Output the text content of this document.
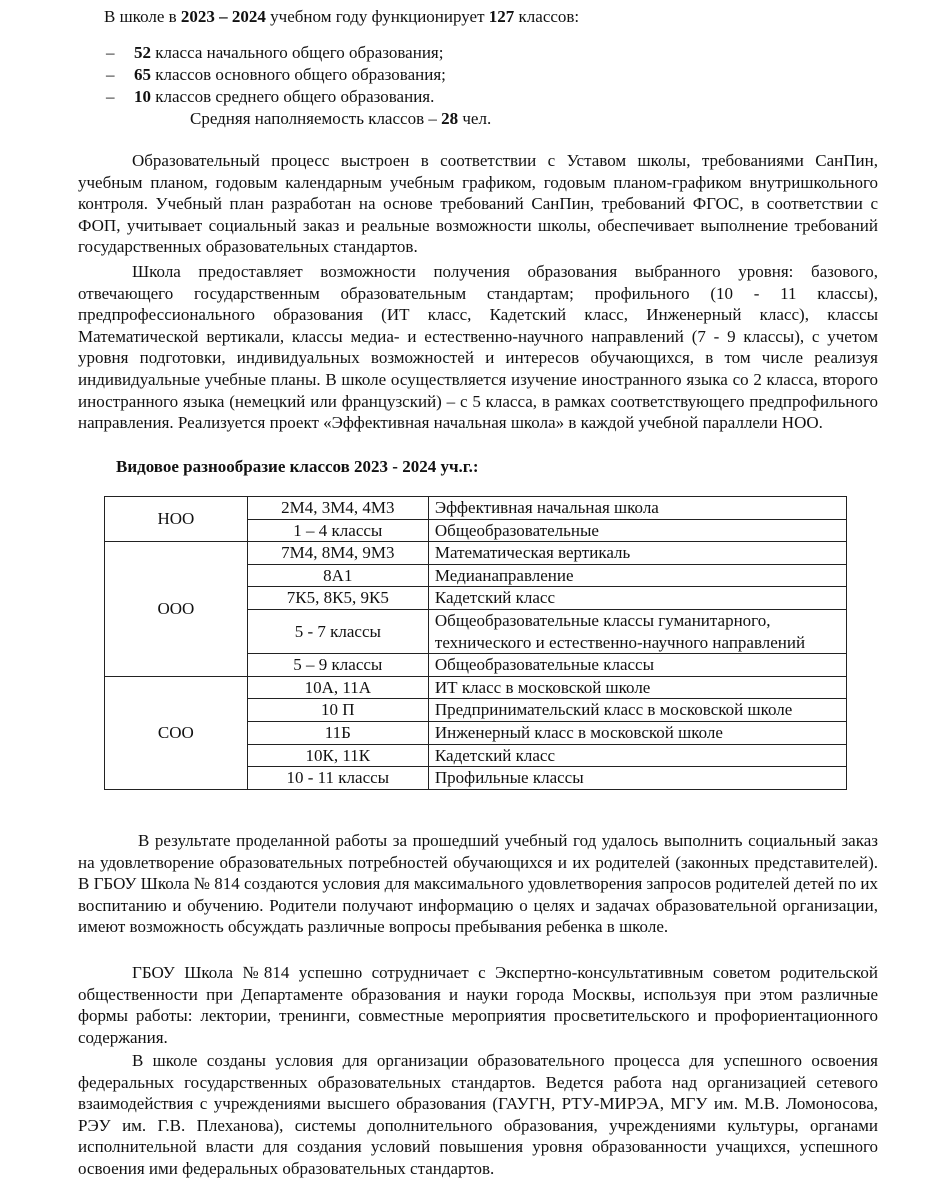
В школе в 2023 – 2024 учебном году функционирует 127 классов:
– 52 класса начального общего образования;
– 65 классов основного общего образования;
– 10 классов среднего общего образования.
Средняя наполняемость классов – 28 чел.
Образовательный процесс выстроен в соответствии с Уставом школы, требованиями СанПин, учебным планом, годовым календарным учебным графиком, годовым планом-графиком внутришкольного контроля. Учебный план разработан на основе требований СанПин, требований ФГОС, в соответствии с ФОП, учитывает социальный заказ и реальные возможности школы, обеспечивает выполнение требований государственных образовательных стандартов.
Школа предоставляет возможности получения образования выбранного уровня: базового, отвечающего государственным образовательным стандартам; профильного (10 - 11 классы), предпрофессионального образования (ИТ класс, Кадетский класс, Инженерный класс), классы Математической вертикали, классы медиа- и естественно-научного направлений (7 - 9 классы), с учетом уровня подготовки, индивидуальных возможностей и интересов обучающихся, в том числе реализуя индивидуальные учебные планы. В школе осуществляется изучение иностранного языка со 2 класса, второго иностранного языка (немецкий или французский) – с 5 класса, в рамках соответствующего предпрофильного направления. Реализуется проект «Эффективная начальная школа» в каждой учебной параллели НОО.
Видовое разнообразие классов 2023 - 2024 уч.г.:
НОО	2М4, 3М4, 4М3	Эффективная начальная школа
	1 – 4 классы	Общеобразовательные
ООО	7М4, 8М4, 9М3	Математическая вертикаль
	8А1	Медианаправление
	7К5, 8К5, 9К5	Кадетский класс
	5 - 7 классы	Общеобразовательные классы гуманитарного, технического и естественно-научного направлений
	5 – 9 классы	Общеобразовательные классы
СОО	10А, 11А	ИТ класс в московской школе
	10 П	Предпринимательский класс в московской школе
	11Б	Инженерный класс в московской школе
	10К, 11К	Кадетский класс
	10 - 11 классы	Профильные классы
В результате проделанной работы за прошедший учебный год удалось выполнить социальный заказ на удовлетворение образовательных потребностей обучающихся и их родителей (законных представителей). В ГБОУ Школа № 814 создаются условия для максимального удовлетворения запросов родителей детей по их воспитанию и обучению. Родители получают информацию о целях и задачах образовательной организации, имеют возможность обсуждать различные вопросы пребывания ребенка в школе.
ГБОУ Школа №814 успешно сотрудничает с Экспертно-консультативным советом родительской общественности при Департаменте образования и науки города Москвы, используя при этом различные формы работы: лектории, тренинги, совместные мероприятия просветительского и профориентационного содержания.
В школе созданы условия для организации образовательного процесса для успешного освоения федеральных государственных образовательных стандартов. Ведется работа над организацией сетевого взаимодействия с учреждениями высшего образования (ГАУГН, РТУ-МИРЭА, МГУ им. М.В. Ломоносова, РЭУ им. Г.В. Плеханова), системы дополнительного образования, учреждениями культуры, органами исполнительной власти для создания условий повышения уровня образованности учащихся, успешного освоения ими федеральных образовательных стандартов.
